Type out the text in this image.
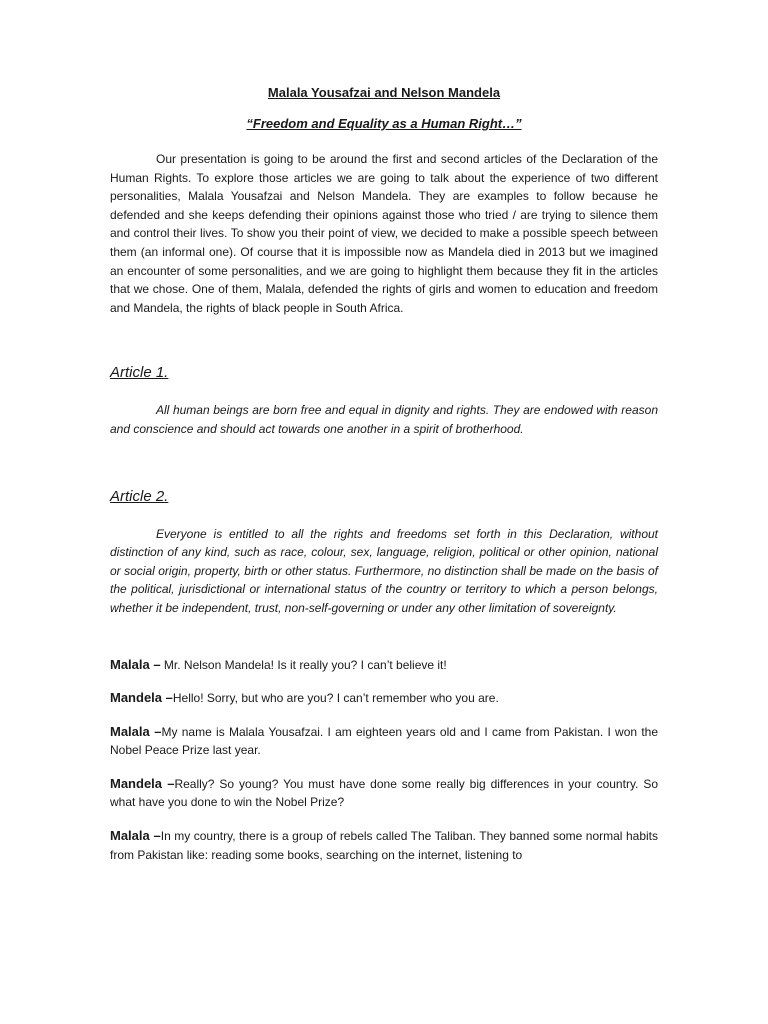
Malala Yousafzai and Nelson Mandela
“Freedom and Equality as a Human Right…”

Our presentation is going to be around the first and second articles of the Declaration of the Human Rights. To explore those articles we are going to talk about the experience of two different personalities, Malala Yousafzai and Nelson Mandela. They are examples to follow because he defended and she keeps defending their opinions against those who tried / are trying to silence them and control their lives. To show you their point of view, we decided to make a possible speech between them (an informal one). Of course that it is impossible now as Mandela died in 2013 but we imagined an encounter of some personalities, and we are going to highlight them because they fit in the articles that we chose. One of them, Malala, defended the rights of girls and women to education and freedom and Mandela, the rights of black people in South Africa.

Article 1.

All human beings are born free and equal in dignity and rights. They are endowed with reason and conscience and should act towards one another in a spirit of brotherhood.

Article 2.

Everyone is entitled to all the rights and freedoms set forth in this Declaration, without distinction of any kind, such as race, colour, sex, language, religion, political or other opinion, national or social origin, property, birth or other status. Furthermore, no distinction shall be made on the basis of the political, jurisdictional or international status of the country or territory to which a person belongs, whether it be independent, trust, non-self-governing or under any other limitation of sovereignty.

Malala – Mr. Nelson Mandela! Is it really you? I can’t believe it!

Mandela –Hello! Sorry, but who are you? I can’t remember who you are.

Malala –My name is Malala Yousafzai. I am eighteen years old and I came from Pakistan. I won the Nobel Peace Prize last year.

Mandela –Really? So young? You must have done some really big differences in your country. So what have you done to win the Nobel Prize?

Malala –In my country, there is a group of rebels called The Taliban. They banned some normal habits from Pakistan like: reading some books, searching on the internet, listening to
